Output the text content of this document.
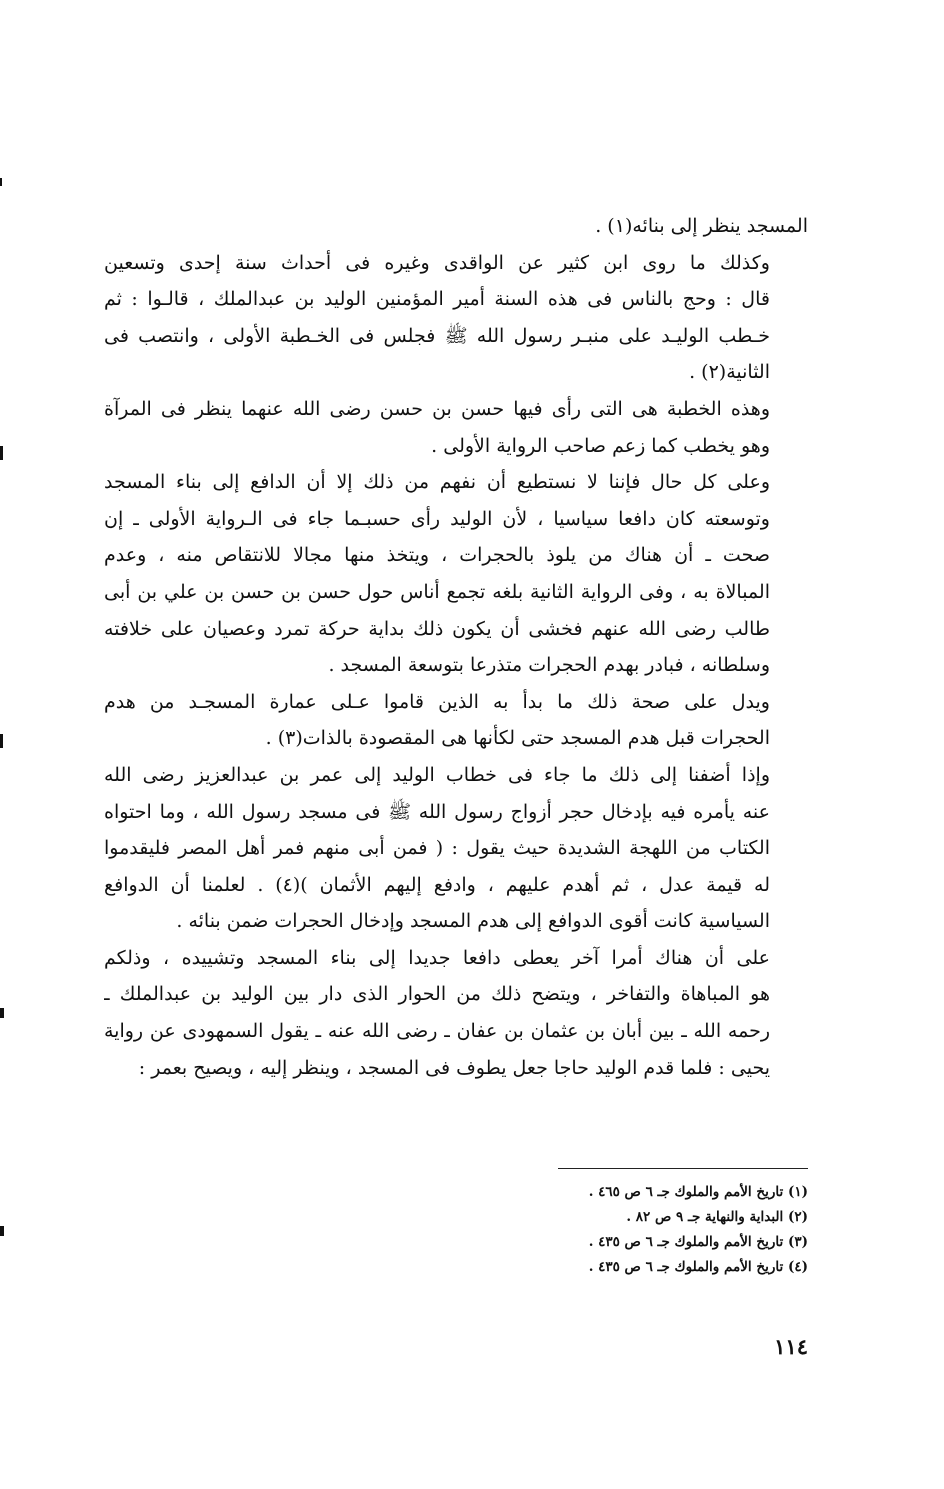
المسجد ينظر إلى بنائه(١) .

وكذلك ما روى ابن كثير عن الواقدى وغيره فى أحداث سنة إحدى وتسعين
قال : وحج بالناس فى هذه السنة أمير المؤمنين الوليد بن عبدالملك ، قالـوا : ثم
خـطب الوليـد على منبـر رسول الله ﷺ فجلس فى الخـطبة الأولى ، وانتصب فى
الثانية(٢) .

وهذه الخطبة هى التى رأى فيها حسن بن حسن رضى الله عنهما ينظر فى المرآة
وهو يخطب كما زعم صاحب الرواية الأولى .

وعلى كل حال فإننا لا نستطيع أن نفهم من ذلك إلا أن الدافع إلى بناء المسجد
وتوسعته كان دافعا سياسيا ، لأن الوليد رأى حسبـما جاء فى الـرواية الأولى ـ إن
صحت ـ أن هناك من يلوذ بالحجرات ، ويتخذ منها مجالا للانتقاص منه ، وعدم
المبالاة به ، وفى الرواية الثانية بلغه تجمع أناس حول حسن بن حسن بن علي بن أبى
طالب رضى الله عنهم فخشى أن يكون ذلك بداية حركة تمرد وعصيان على خلافته
وسلطانه ، فبادر بهدم الحجرات متذرعا بتوسعة المسجد .

ويدل على صحة ذلك ما بدأ به الذين قاموا عـلى عمارة المسجـد من هدم
الحجرات قبل هدم المسجد حتى لكأنها هى المقصودة بالذات(٣) .

وإذا أضفنا إلى ذلك ما جاء فى خطاب الوليد إلى عمر بن عبدالعزيز رضى الله
عنه يأمره فيه بإدخال حجر أزواج رسول الله ﷺ فى مسجد رسول الله ، وما احتواه
الكتاب من اللهجة الشديدة حيث يقول : ( فمن أبى منهم فمر أهل المصر فليقدموا
له قيمة عدل ، ثم أهدم عليهم ، وادفع إليهم الأثمان )(٤) . لعلمنا أن الدوافع
السياسية كانت أقوى الدوافع إلى هدم المسجد وإدخال الحجرات ضمن بنائه .

على أن هناك أمرا آخر يعطى دافعا جديدا إلى بناء المسجد وتشييده ، وذلكم
هو المباهاة والتفاخر ، ويتضح ذلك من الحوار الذى دار بين الوليد بن عبدالملك ـ
رحمه الله ـ بين أبان بن عثمان بن عفان ـ رضى الله عنه ـ يقول السمهودى عن رواية
يحيى : فلما قدم الوليد حاجا جعل يطوف فى المسجد ، وينظر إليه ، ويصيح بعمر :

(١) تاريخ الأمم والملوك جـ ٦ ص ٤٦٥ .
(٢) البداية والنهاية جـ ٩ ص ٨٢ .
(٣) تاريخ الأمم والملوك جـ ٦ ص ٤٣٥ .
(٤) تاريخ الأمم والملوك جـ ٦ ص ٤٣٥ .
١١٤
